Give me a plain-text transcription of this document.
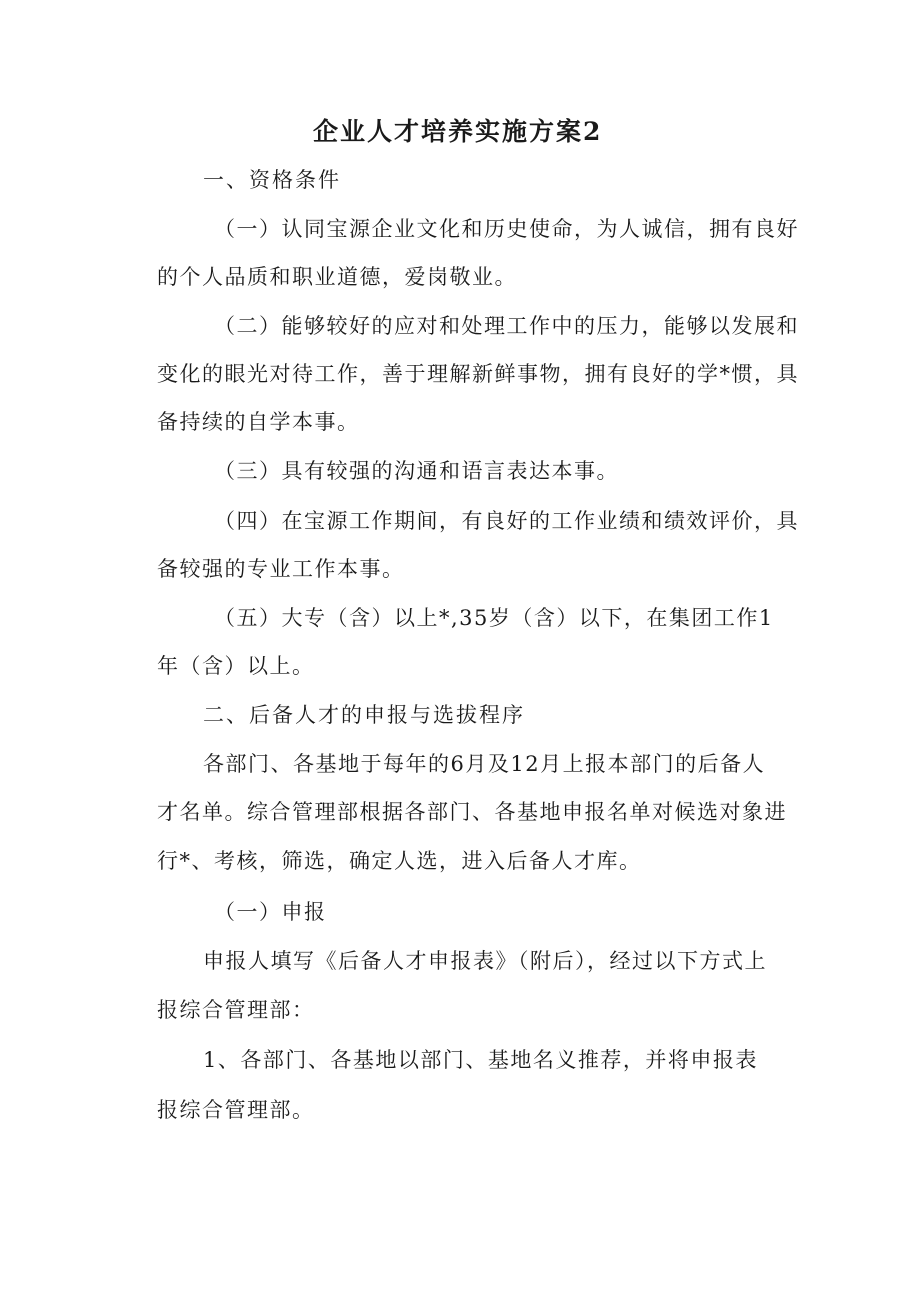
企业人才培养实施方案2

一、资格条件

（一）认同宝源企业文化和历史使命，为人诚信，拥有良好

的个人品质和职业道德，爱岗敬业。

（二）能够较好的应对和处理工作中的压力，能够以发展和

变化的眼光对待工作，善于理解新鲜事物，拥有良好的学*惯，具

备持续的自学本事。

（三）具有较强的沟通和语言表达本事。

（四）在宝源工作期间，有良好的工作业绩和绩效评价，具

备较强的专业工作本事。

（五）大专（含）以上*,35岁（含）以下，在集团工作1

年（含）以上。

二、后备人才的申报与选拔程序

各部门、各基地于每年的6月及12月上报本部门的后备人

才名单。综合管理部根据各部门、各基地申报名单对候选对象进

行*、考核，筛选，确定人选，进入后备人才库。

（一）申报

申报人填写《后备人才申报表》（附后），经过以下方式上

报综合管理部：

1、各部门、各基地以部门、基地名义推荐，并将申报表

报综合管理部。
